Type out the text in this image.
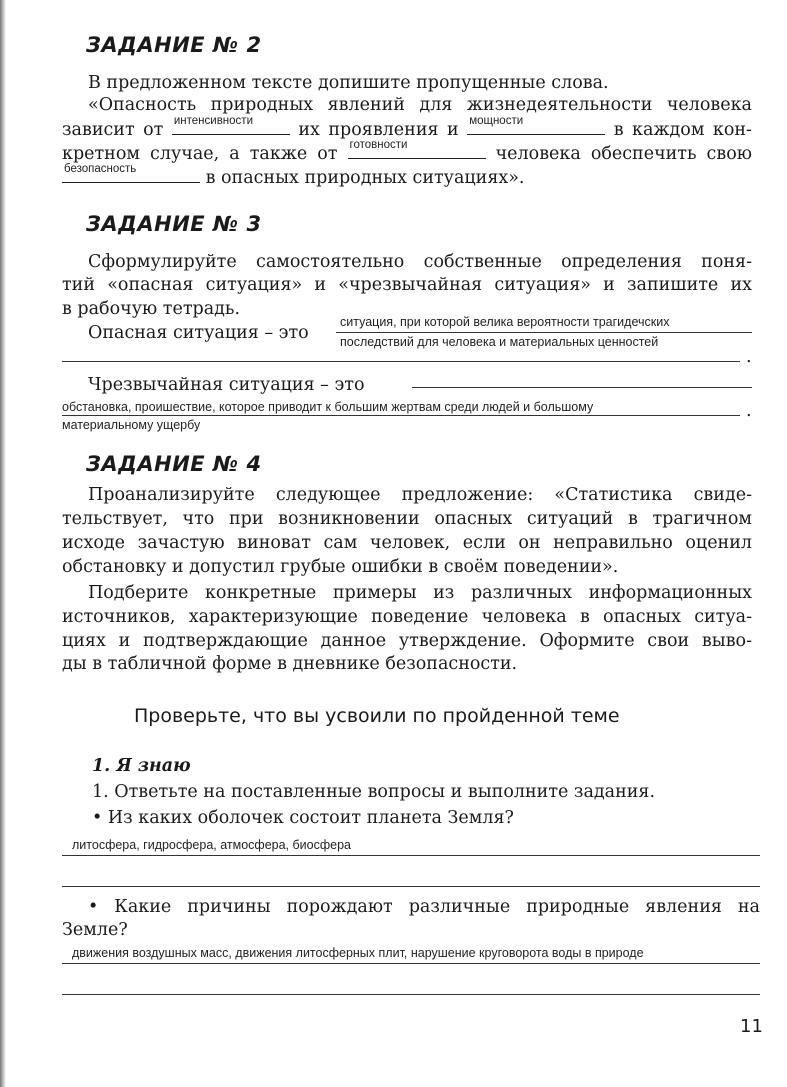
ЗАДАНИЕ № 2
В предложенном тексте допишите пропущенные слова.
«Опасность природных явлений для жизнедеятельности человека
зависит от интенсивности	их проявления и мощности	в каждом кон-
кретном случае, а также от готовности	человека обеспечить свою
безопасность	в опасных природных ситуациях».
ЗАДАНИЕ № 3
Сформулируйте самостоятельно собственные определения поня-
тий «опасная ситуация» и «чрезвычайная ситуация» и запишите их
в рабочую тетрадь.
Опасная ситуация – это
ситуация, при которой велика вероятности трагидечских
последствий для человека и материальных ценностей
.
Чрезвычайная ситуация – это
обстановка, проишествие, которое приводит к большим жертвам среди людей и большому	.
материальному ущербу
ЗАДАНИЕ № 4
Проанализируйте следующее предложение: «Статистика свиде-
тельствует, что при возникновении опасных ситуаций в трагичном
исходе зачастую виноват сам человек, если он неправильно оценил
обстановку и допустил грубые ошибки в своём поведении».
Подберите конкретные примеры из различных информационных
источников, характеризующие поведение человека в опасных ситуа-
циях и подтверждающие данное утверждение. Оформите свои выво-
ды в табличной форме в дневнике безопасности.
Проверьте, что вы усвоили по пройденной теме
1. Я знаю
1. Ответьте на поставленные вопросы и выполните задания.
• Из каких оболочек состоит планета Земля?
литосфера, гидросфера, атмосфера, биосфера
• Какие причины порождают различные природные явления на
Земле?
движения воздушных масс, движения литосферных плит, нарушение круговорота воды в природе
11
